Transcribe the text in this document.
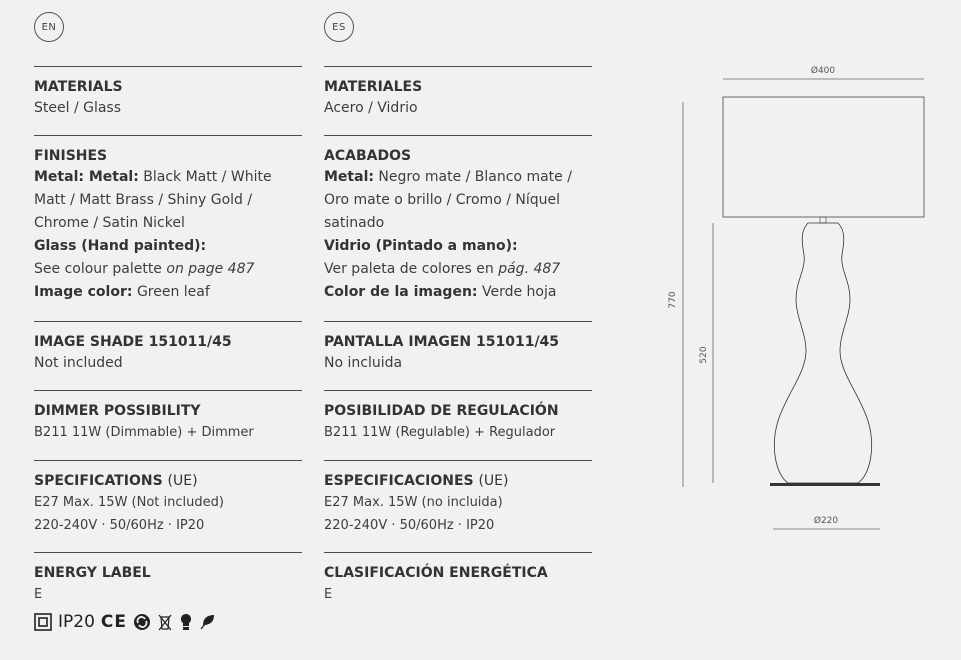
EN
MATERIALS
Steel / Glass
FINISHES
Metal: Metal: Black Matt / White Matt / Matt Brass / Shiny Gold / Chrome / Satin Nickel
Glass (Hand painted):
See colour palette on page 487
Image color: Green leaf
IMAGE SHADE 151011/45
Not included
DIMMER POSSIBILITY
B211 11W (Dimmable) + Dimmer
SPECIFICATIONS (UE)
E27 Max. 15W (Not included)
220-240V · 50/60Hz · IP20
ENERGY LABEL
E
IP20 CE
ES
MATERIALES
Acero / Vidrio
ACABADOS
Metal: Negro mate / Blanco mate / Oro mate o brillo / Cromo / Níquel satinado
Vidrio (Pintado a mano):
Ver paleta de colores en pág. 487
Color de la imagen: Verde hoja
PANTALLA IMAGEN 151011/45
No incluida
POSIBILIDAD DE REGULACIÓN
B211 11W (Regulable) + Regulador
ESPECIFICACIONES (UE)
E27 Max. 15W (no incluida)
220-240V · 50/60Hz · IP20
CLASIFICACIÓN ENERGÉTICA
E
Ø400
770
520
Ø220
